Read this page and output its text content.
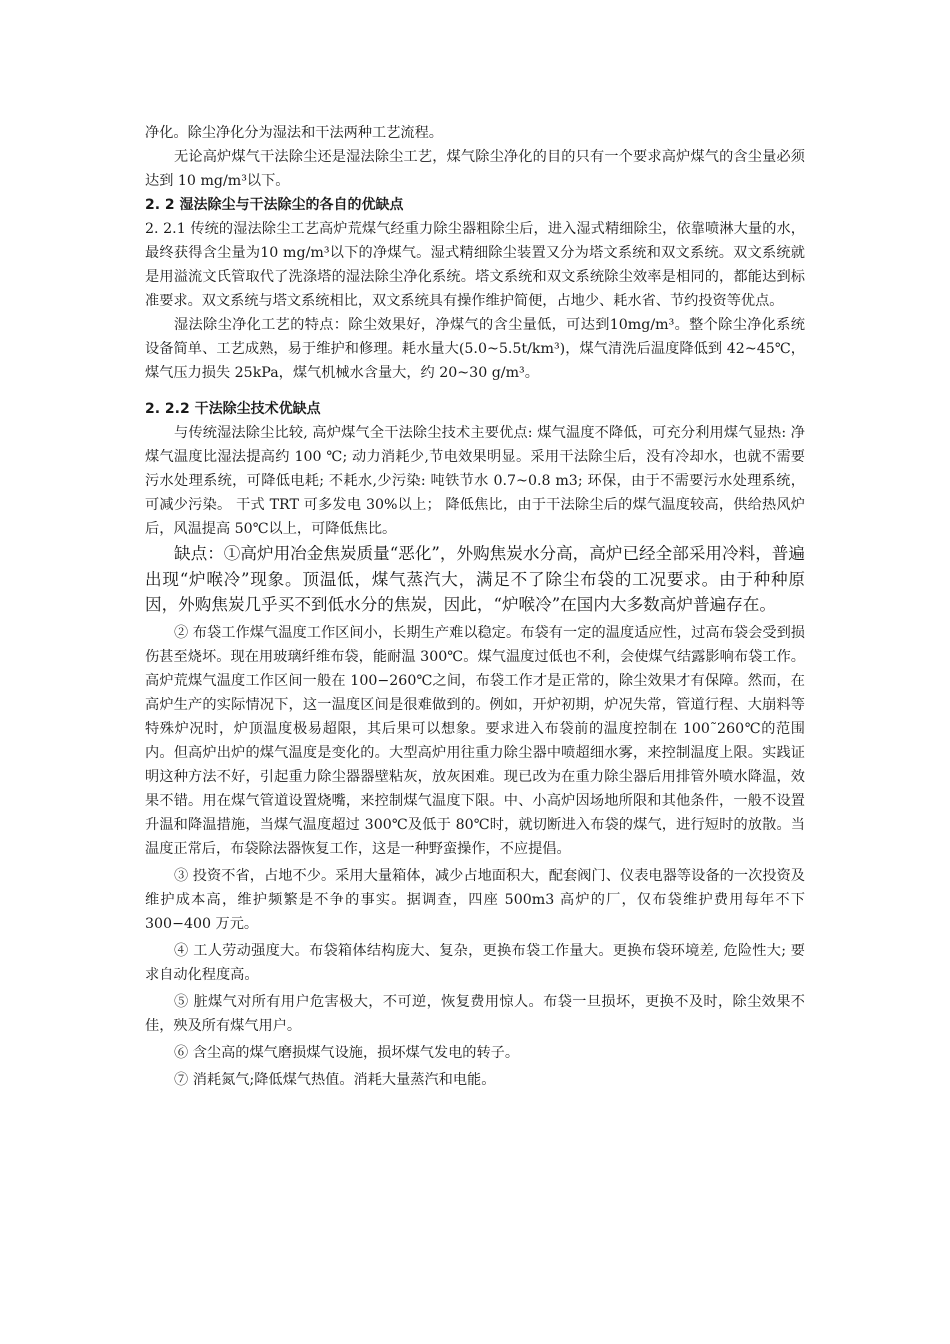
净化。除尘净化分为湿法和干法两种工艺流程。

无论高炉煤气干法除尘还是湿法除尘工艺，煤气除尘净化的目的只有一个要求高炉煤气的含尘量必须达到 10 mg/m³以下。

2. 2 湿法除尘与干法除尘的各自的优缺点

2. 2.1 传统的湿法除尘工艺高炉荒煤气经重力除尘器粗除尘后，进入湿式精细除尘，依靠喷淋大量的水，最终获得含尘量为10 mg/m³以下的净煤气。湿式精细除尘装置又分为塔文系统和双文系统。双文系统就是用溢流文氏管取代了洗涤塔的湿法除尘净化系统。塔文系统和双文系统除尘效率是相同的，都能达到标准要求。双文系统与塔文系统相比，双文系统具有操作维护简便，占地少、耗水省、节约投资等优点。

湿法除尘净化工艺的特点：除尘效果好，净煤气的含尘量低，可达到10mg/m³。整个除尘净化系统设备简单、工艺成熟，易于维护和修理。耗水量大(5.0~5.5t/km³)，煤气清洗后温度降低到 42~45℃，煤气压力损失 25kPa，煤气机械水含量大，约 20~30 g/m³。

2. 2.2 干法除尘技术优缺点

与传统湿法除尘比较, 高炉煤气全干法除尘技术主要优点: 煤气温度不降低，可充分利用煤气显热: 净煤气温度比湿法提高约 100 ℃; 动力消耗少,节电效果明显。采用干法除尘后，没有冷却水，也就不需要污水处理系统，可降低电耗; 不耗水,少污染: 吨铁节水 0.7~0.8 m3; 环保，由于不需要污水处理系统，可减少污染。 干式 TRT 可多发电 30%以上； 降低焦比，由于干法除尘后的煤气温度较高，供给热风炉后，风温提高 50℃以上，可降低焦比。

缺点：①高炉用冶金焦炭质量“恶化”，外购焦炭水分高，高炉已经全部采用冷料，普遍出现“炉喉冷”现象。顶温低，煤气蒸汽大，满足不了除尘布袋的工况要求。由于种种原因，外购焦炭几乎买不到低水分的焦炭，因此，“炉喉冷”在国内大多数高炉普遍存在。

② 布袋工作煤气温度工作区间小，长期生产难以稳定。布袋有一定的温度适应性，过高布袋会受到损伤甚至烧坏。现在用玻璃纤维布袋，能耐温 300℃。煤气温度过低也不利，会使煤气结露影响布袋工作。高炉荒煤气温度工作区间一般在 100−260℃之间，布袋工作才是正常的，除尘效果才有保障。然而，在高炉生产的实际情况下，这一温度区间是很难做到的。例如，开炉初期，炉况失常，管道行程、大崩料等特殊炉况时，炉顶温度极易超限，其后果可以想象。要求进入布袋前的温度控制在 100˜260℃的范围内。但高炉出炉的煤气温度是变化的。大型高炉用往重力除尘器中喷超细水雾，来控制温度上限。实践证明这种方法不好，引起重力除尘器器壁粘灰，放灰困难。现已改为在重力除尘器后用排管外喷水降温，效果不错。用在煤气管道设置烧嘴，来控制煤气温度下限。中、小高炉因场地所限和其他条件，一般不设置升温和降温措施，当煤气温度超过 300℃及低于 80℃时，就切断进入布袋的煤气，进行短时的放散。当温度正常后，布袋除法器恢复工作，这是一种野蛮操作，不应提倡。

③ 投资不省，占地不少。采用大量箱体，减少占地面积大，配套阀门、仪表电器等设备的一次投资及维护成本高，维护频繁是不争的事实。据调查，四座 500m3 高炉的厂，仅布袋维护费用每年不下 300−400 万元。

④ 工人劳动强度大。布袋箱体结构庞大、复杂，更换布袋工作量大。更换布袋环境差, 危险性大; 要求自动化程度高。

⑤ 脏煤气对所有用户危害极大，不可逆，恢复费用惊人。布袋一旦损坏，更换不及时，除尘效果不佳，殃及所有煤气用户。

⑥ 含尘高的煤气磨损煤气设施，损坏煤气发电的转子。

⑦ 消耗氮气;降低煤气热值。消耗大量蒸汽和电能。
